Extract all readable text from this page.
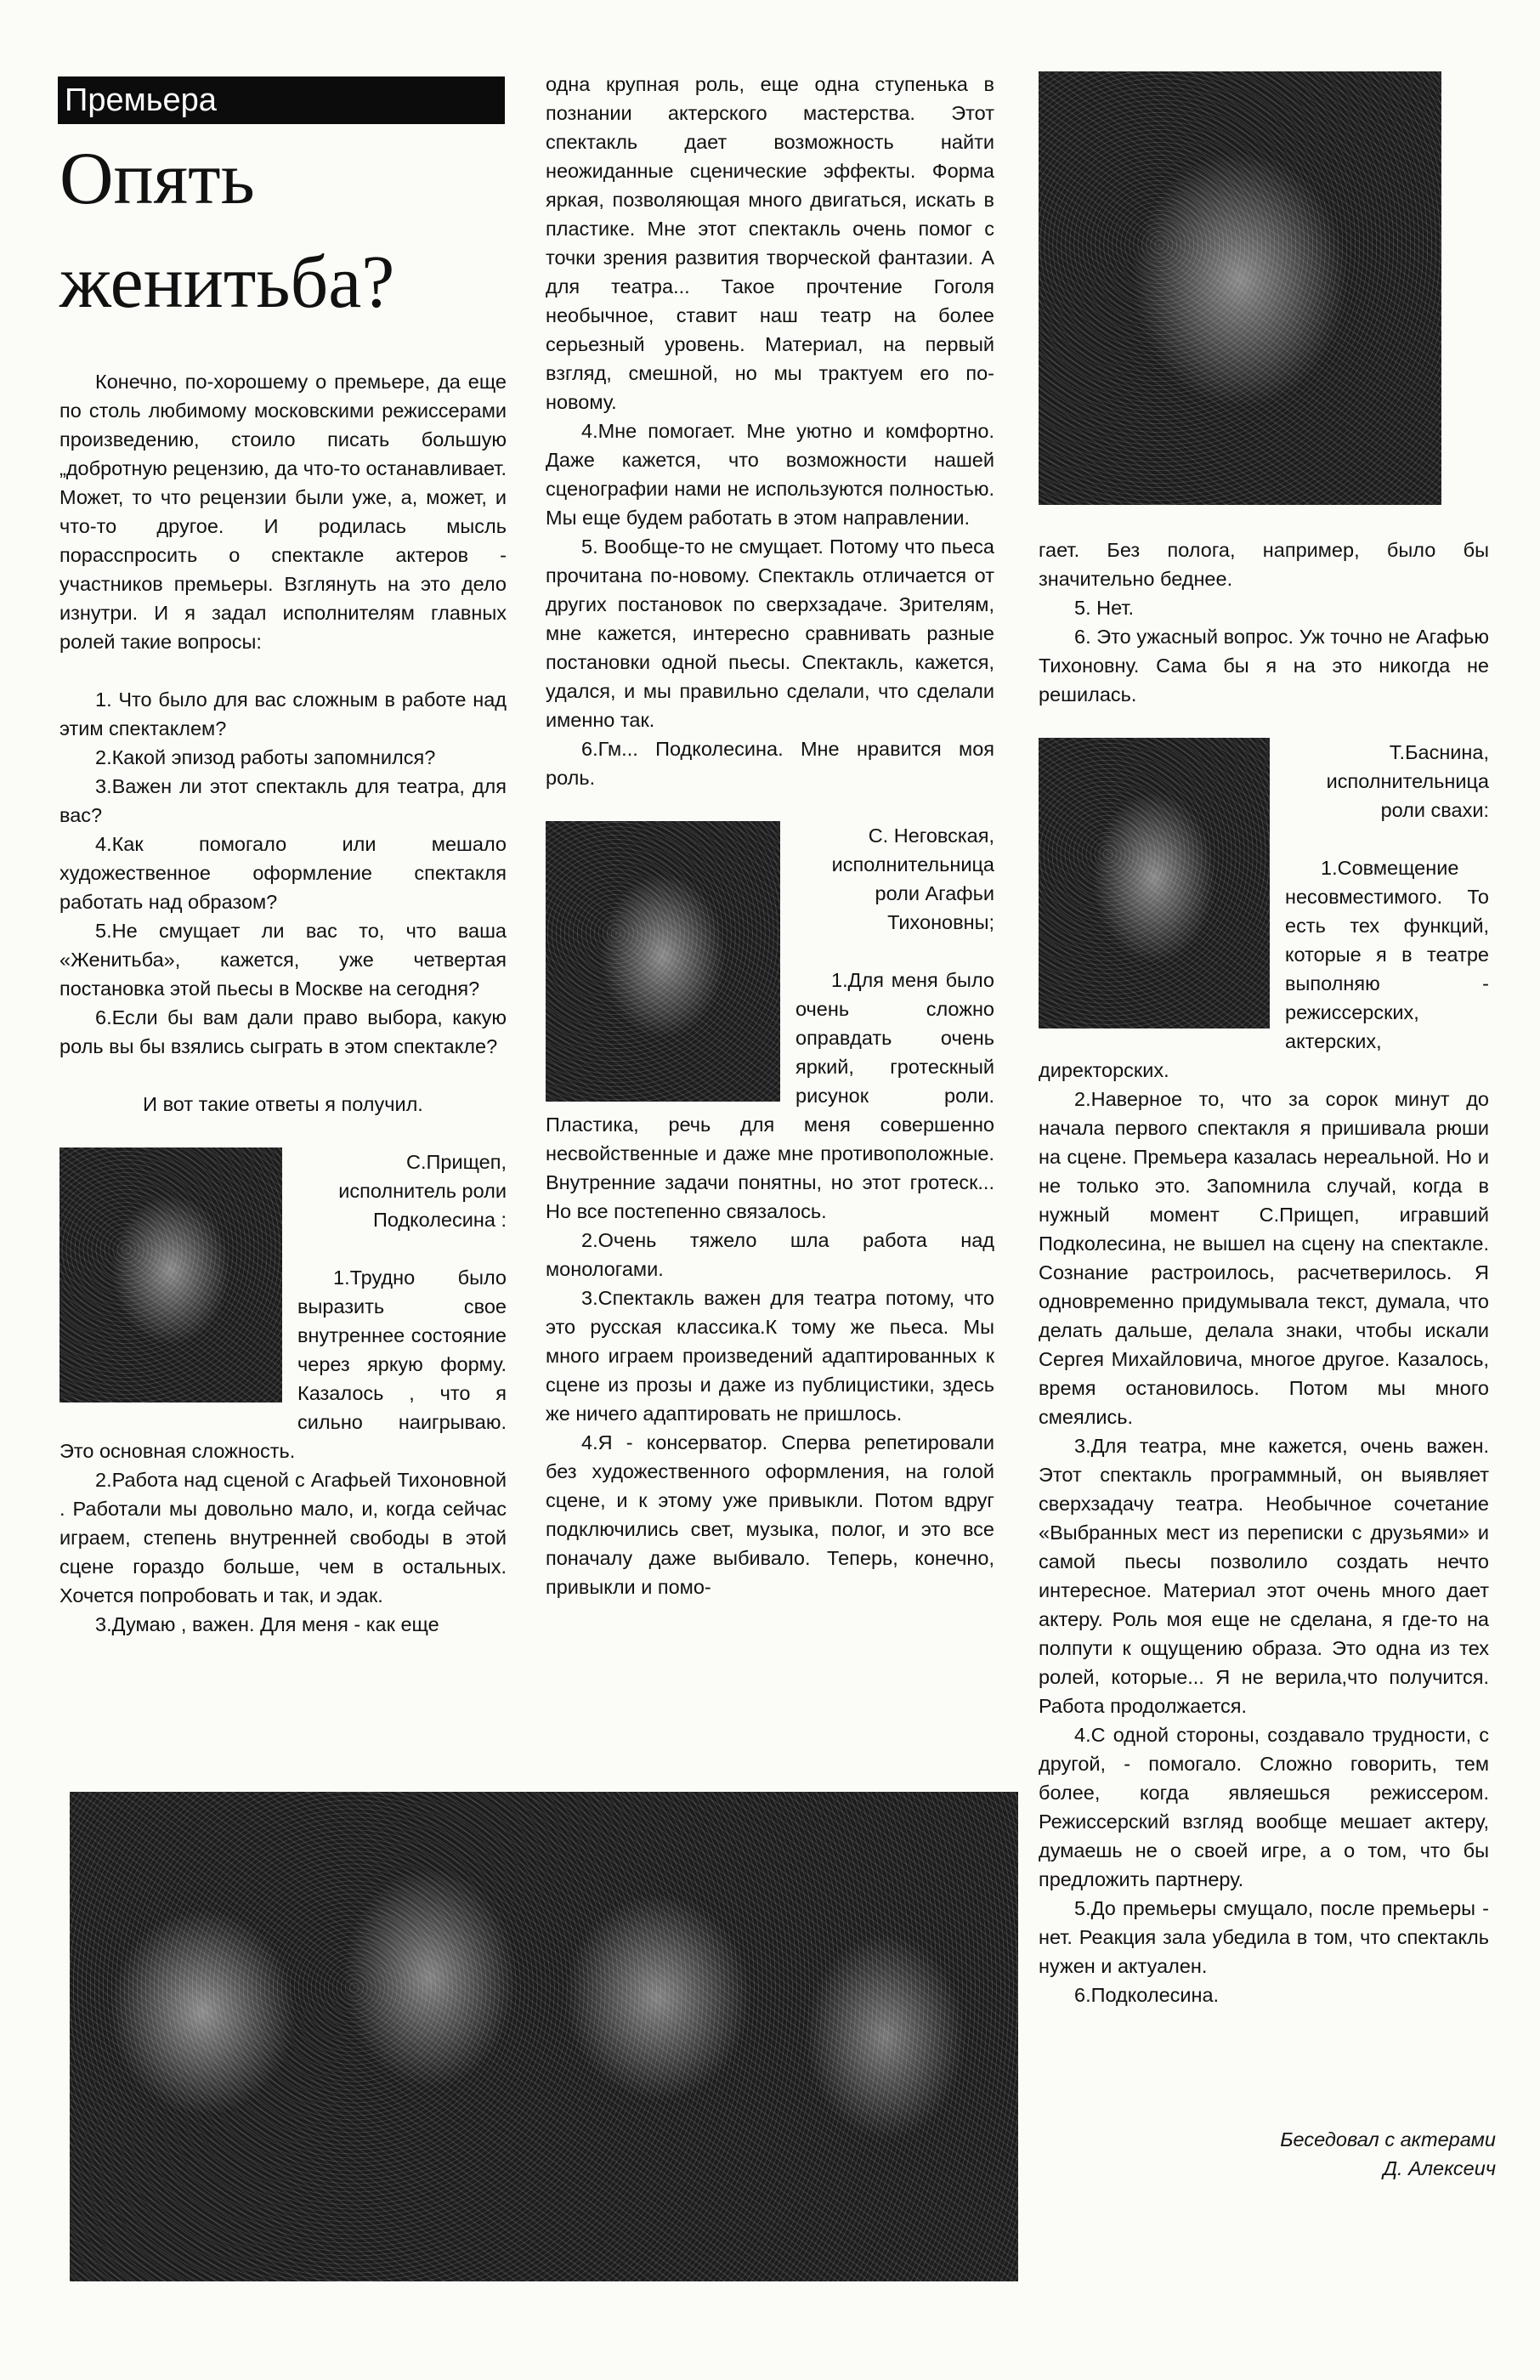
Премьера
Опять
женитьба?

Конечно, по-хорошему о премьере, да еще по столь любимому московскими режиссерами произведению, стоило писать большую „добротную рецензию, да что-то останавливает. Может, то что рецензии были уже, а, может, и что-то другое. И родилась мысль порасспросить о спектакле актеров - участников премьеры. Взглянуть на это дело изнутри. И я задал исполнителям главных ролей такие вопросы:

1. Что было для вас сложным в работе над этим спектаклем?

2.Какой эпизод работы запомнился?

3.Важен ли этот спектакль для театра, для вас?

4.Как помогало или мешало художественное оформление спектакля работать над образом?

5.Не смущает ли вас то, что ваша «Женитьба», кажется, уже четвертая постановка этой пьесы в Москве на сегодня?

6.Если бы вам дали право выбора, какую роль вы бы взялись сыграть в этом спектакле?

И вот такие ответы я получил.

С.Прищеп, исполнитель роли Подколесина :

1.Трудно было выразить свое внутреннее состояние через яркую форму. Казалось , что я сильно наигрываю. Это основная сложность.

2.Работа над сценой с Агафьей Тихоновной . Работали мы довольно мало, и, когда сейчас играем, степень внутренней свободы в этой сцене гораздо больше, чем в остальных. Хочется попробовать и так, и эдак.

3.Думаю , важен. Для меня - как еще

одна крупная роль, еще одна ступенька в познании актерского мастерства. Этот спектакль дает возможность найти неожиданные сценические эффекты. Форма яркая, позволяющая много двигаться, искать в пластике. Мне этот спектакль очень помог с точки зрения развития творческой фантазии. А для театра... Такое прочтение Гоголя необычное, ставит наш театр на более серьезный уровень. Материал, на первый взгляд, смешной, но мы трактуем его по-новому.

4.Мне помогает. Мне уютно и комфортно. Даже кажется, что возможности нашей сценографии нами не используются полностью. Мы еще будем работать в этом направлении.

5. Вообще-то не смущает. Потому что пьеса прочитана по-новому. Спектакль отличается от других постановок по сверхзадаче. Зрителям, мне кажется, интересно сравнивать разные постановки одной пьесы. Спектакль, кажется, удался, и мы правильно сделали, что сделали именно так.

6.Гм... Подколесина. Мне нравится моя роль.

С. Неговская, исполнительница роли Агафьи Тихоновны;

1.Для меня было очень сложно оправдать очень яркий, гротескный рисунок роли. Пластика, речь для меня совершенно несвойственные и даже мне противоположные. Внутренние задачи понятны, но этот гротеск... Но все постепенно связалось.

2.Очень тяжело шла работа над монологами.

3.Спектакль важен для театра потому, что это русская классика.К тому же пьеса. Мы много играем произведений адаптированных к сцене из прозы и даже из публицистики, здесь же ничего адаптировать не пришлось.

4.Я - консерватор. Сперва репетировали без художественного оформления, на голой сцене, и к этому уже привыкли. Потом вдруг подключились свет, музыка, полог, и это все поначалу даже выбивало. Теперь, конечно, привыкли и помо-

гает. Без полога, например, было бы значительно беднее.

5. Нет.

6. Это ужасный вопрос. Уж точно не Агафью Тихоновну. Сама бы я на это никогда не решилась.

Т.Баснина, исполнительница роли свахи:

1.Совмещение несовместимого. То есть тех функций, которые я в театре выполняю - режиссерских, актерских, директорских.

2.Наверное то, что за сорок минут до начала первого спектакля я пришивала рюши на сцене. Премьера казалась нереальной. Но и не только это. Запомнила случай, когда в нужный момент С.Прищеп, игравший Подколесина, не вышел на сцену на спектакле. Сознание растроилось, расчетверилось. Я одновременно придумывала текст, думала, что делать дальше, делала знаки, чтобы искали Сергея Михайловича, многое другое. Казалось, время остановилось. Потом мы много смеялись.

3.Для театра, мне кажется, очень важен. Этот спектакль программный, он выявляет сверхзадачу театра. Необычное сочетание «Выбранных мест из переписки с друзьями» и самой пьесы позволило создать нечто интересное. Материал этот очень много дает актеру. Роль моя еще не сделана, я где-то на полпути к ощущению образа. Это одна из тех ролей, которые... Я не верила,что получится. Работа продолжается.

4.С одной стороны, создавало трудности, с другой, - помогало. Сложно говорить, тем более, когда являешься режиссером. Режиссерский взгляд вообще мешает актеру, думаешь не о своей игре, а о том, что бы предложить партнеру.

5.До премьеры смущало, после премьеры - нет. Реакция зала убедила в том, что спектакль нужен и актуален.

6.Подколесина.

Беседовал с актерами
Д. Алексеич
